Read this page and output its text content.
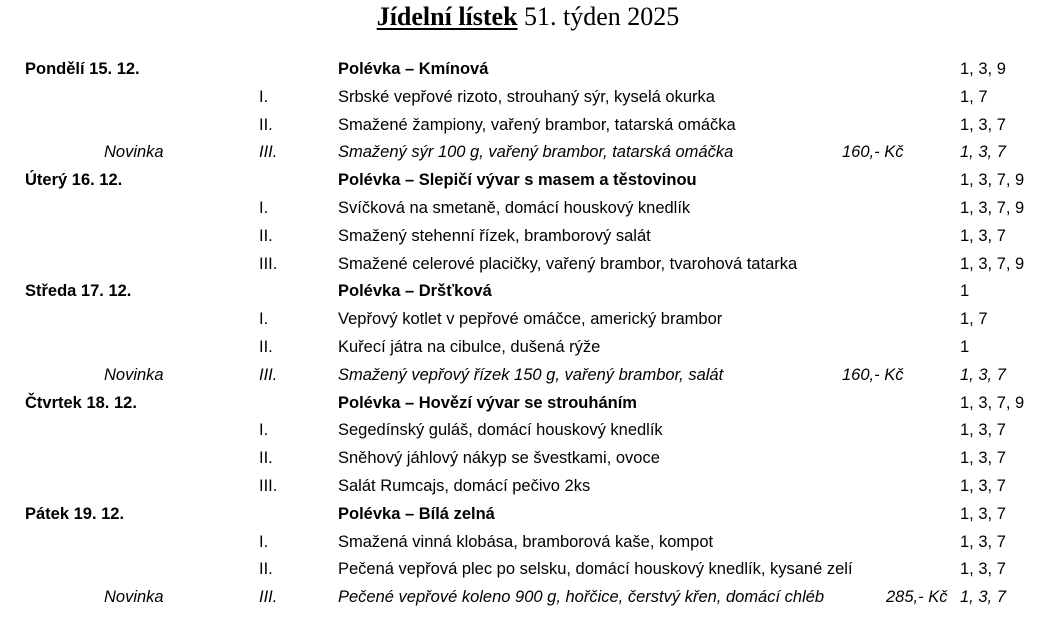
Jídelní lístek 51. týden 2025
Pondělí 15. 12.	Polévka – Kmínová	1, 3, 9
I.	Srbské vepřové rizoto, strouhaný sýr, kyselá okurka	1, 7
II.	Smažené žampiony, vařený brambor, tatarská omáčka	1, 3, 7
Novinka	III.	Smažený sýr 100 g, vařený brambor, tatarská omáčka	160,- Kč	1, 3, 7
Úterý 16. 12.	Polévka – Slepičí vývar s masem a těstovinou	1, 3, 7, 9
I.	Svíčková na smetaně, domácí houskový knedlík	1, 3, 7, 9
II.	Smažený stehenní řízek, bramborový salát	1, 3, 7
III.	Smažené celerové placičky, vařený brambor, tvarohová tatarka	1, 3, 7, 9
Středa 17. 12.	Polévka – Dršťková	1
I.	Vepřový kotlet v pepřové omáčce, americký brambor	1, 7
II.	Kuřecí játra na cibulce, dušená rýže	1
Novinka	III.	Smažený vepřový řízek 150 g, vařený brambor, salát	160,- Kč	1, 3, 7
Čtvrtek 18. 12.	Polévka – Hovězí vývar se strouháním	1, 3, 7, 9
I.	Segedínský guláš, domácí houskový knedlík	1, 3, 7
II.	Sněhový jáhlový nákyp se švestkami, ovoce	1, 3, 7
III.	Salát Rumcajs, domácí pečivo 2ks	1, 3, 7
Pátek 19. 12.	Polévka – Bílá zelná	1, 3, 7
I.	Smažená vinná klobása, bramborová kaše, kompot	1, 3, 7
II.	Pečená vepřová plec po selsku, domácí houskový knedlík, kysané zelí	1, 3, 7
Novinka	III.	Pečené vepřové koleno 900 g, hořčice, čerstvý křen, domácí chléb	285,- Kč 1, 3, 7
